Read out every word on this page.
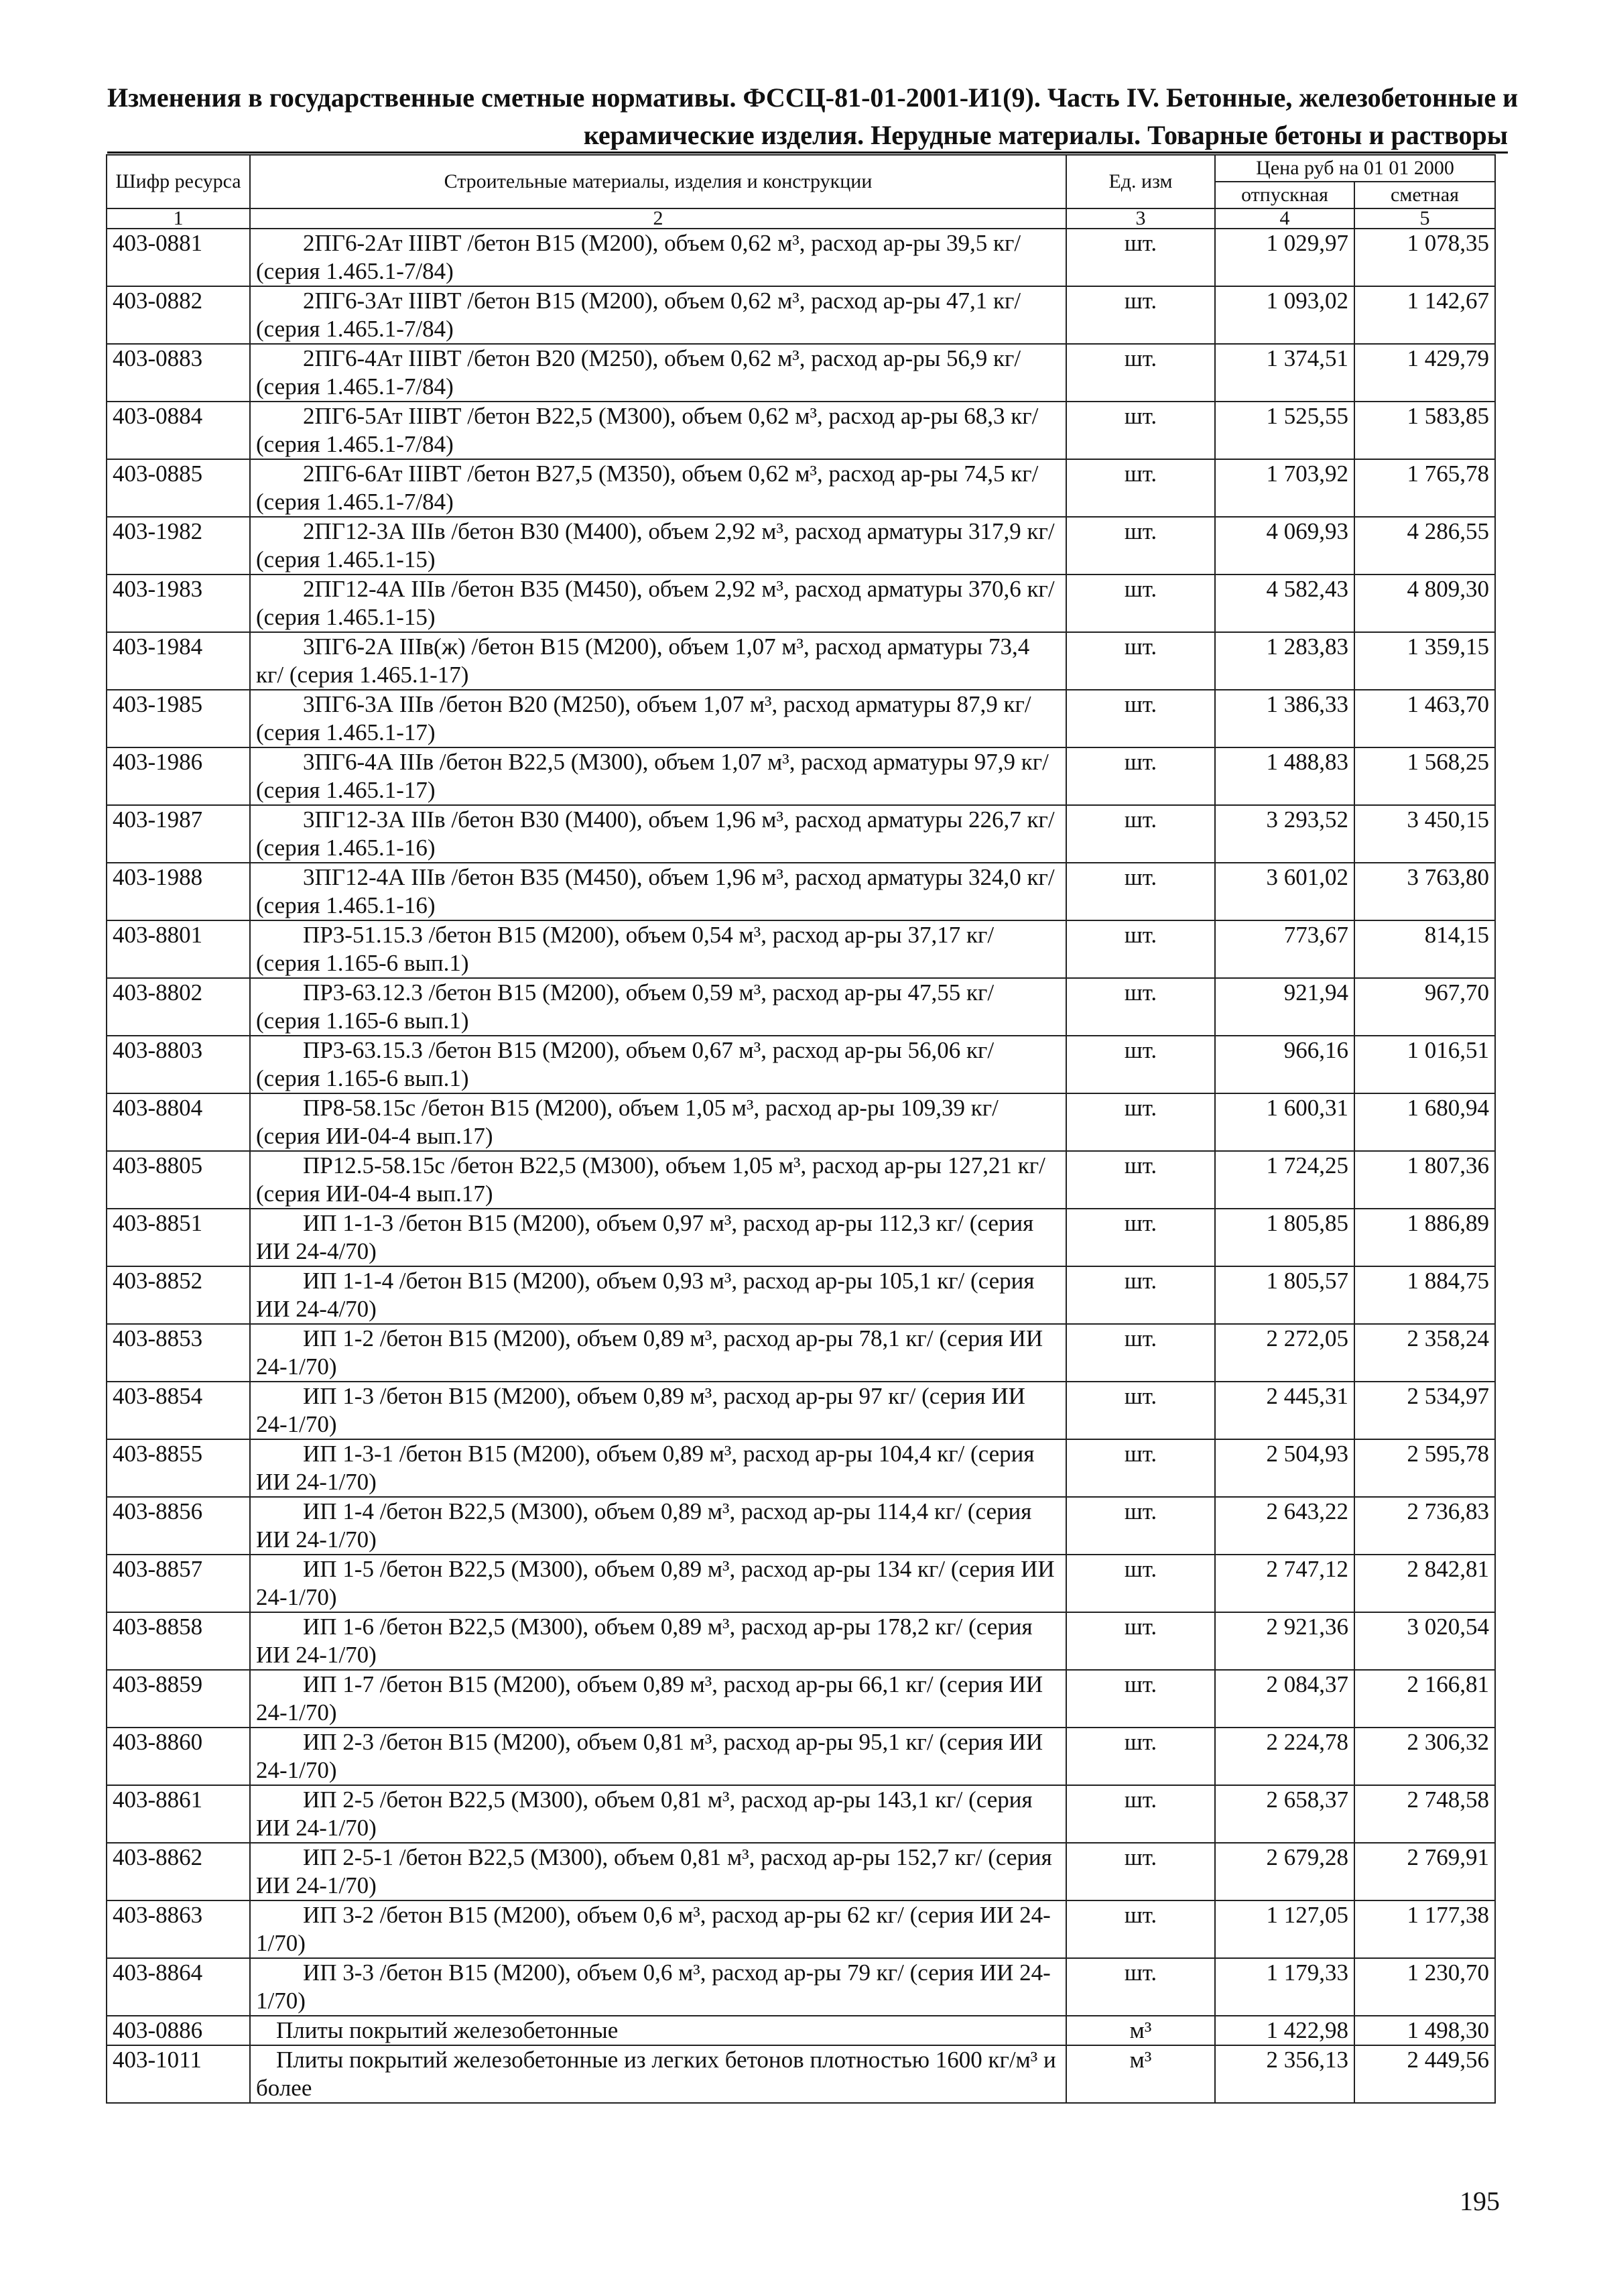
Изменения в государственные сметные нормативы. ФССЦ-81-01-2001-И1(9). Часть IV. Бетонные, железобетонные и
керамические изделия. Нерудные материалы. Товарные бетоны и растворы
Шифр ресурса	Строительные материалы, изделия и конструкции	Ед. изм	Цена руб на 01 01 2000	
			отпускная	сметная
1	2	3	4	5
403-0881	2ПГ6-2Ат IIIВТ /бетон В15 (М200), объем 0,62 м³, расход ар-ры 39,5 кг/ (серия 1.465.1-7/84)	шт.	1 029,97	1 078,35
403-0882	2ПГ6-3Ат IIIВТ /бетон В15 (М200), объем 0,62 м³, расход ар-ры 47,1 кг/ (серия 1.465.1-7/84)	шт.	1 093,02	1 142,67
403-0883	2ПГ6-4Ат IIIВТ /бетон В20 (М250), объем 0,62 м³, расход ар-ры 56,9 кг/ (серия 1.465.1-7/84)	шт.	1 374,51	1 429,79
403-0884	2ПГ6-5Ат IIIВТ /бетон В22,5 (М300), объем 0,62 м³, расход ар-ры 68,3 кг/ (серия 1.465.1-7/84)	шт.	1 525,55	1 583,85
403-0885	2ПГ6-6Ат IIIВТ /бетон В27,5 (М350), объем 0,62 м³, расход ар-ры 74,5 кг/ (серия 1.465.1-7/84)	шт.	1 703,92	1 765,78
403-1982	2ПГ12-3А IIIв /бетон В30 (М400), объем 2,92 м³, расход арматуры 317,9 кг/ (серия 1.465.1-15)	шт.	4 069,93	4 286,55
403-1983	2ПГ12-4А IIIв /бетон В35 (М450), объем 2,92 м³, расход арматуры 370,6 кг/ (серия 1.465.1-15)	шт.	4 582,43	4 809,30
403-1984	3ПГ6-2А IIIв(ж) /бетон В15 (М200), объем 1,07 м³, расход арматуры 73,4 кг/ (серия 1.465.1-17)	шт.	1 283,83	1 359,15
403-1985	3ПГ6-3А IIIв /бетон В20 (М250), объем 1,07 м³, расход арматуры 87,9 кг/ (серия 1.465.1-17)	шт.	1 386,33	1 463,70
403-1986	3ПГ6-4А IIIв /бетон В22,5 (М300), объем 1,07 м³, расход арматуры 97,9 кг/ (серия 1.465.1-17)	шт.	1 488,83	1 568,25
403-1987	3ПГ12-3А IIIв /бетон В30 (М400), объем 1,96 м³, расход арматуры 226,7 кг/ (серия 1.465.1-16)	шт.	3 293,52	3 450,15
403-1988	3ПГ12-4А IIIв /бетон В35 (М450), объем 1,96 м³, расход арматуры 324,0 кг/ (серия 1.465.1-16)	шт.	3 601,02	3 763,80
403-8801	ПР3-51.15.3 /бетон В15 (М200), объем 0,54 м³, расход ар-ры 37,17 кг/ (серия 1.165-6 вып.1)	шт.	773,67	814,15
403-8802	ПР3-63.12.3 /бетон В15 (М200), объем 0,59 м³, расход ар-ры 47,55 кг/ (серия 1.165-6 вып.1)	шт.	921,94	967,70
403-8803	ПР3-63.15.3 /бетон В15 (М200), объем 0,67 м³, расход ар-ры 56,06 кг/ (серия 1.165-6 вып.1)	шт.	966,16	1 016,51
403-8804	ПР8-58.15с /бетон В15 (М200), объем 1,05 м³, расход ар-ры 109,39 кг/ (серия ИИ-04-4 вып.17)	шт.	1 600,31	1 680,94
403-8805	ПР12.5-58.15с /бетон В22,5 (М300), объем 1,05 м³, расход ар-ры 127,21 кг/ (серия ИИ-04-4 вып.17)	шт.	1 724,25	1 807,36
403-8851	ИП 1-1-3 /бетон В15 (М200), объем 0,97 м³, расход ар-ры 112,3 кг/ (серия ИИ 24-4/70)	шт.	1 805,85	1 886,89
403-8852	ИП 1-1-4 /бетон В15 (М200), объем 0,93 м³, расход ар-ры 105,1 кг/ (серия ИИ 24-4/70)	шт.	1 805,57	1 884,75
403-8853	ИП 1-2 /бетон В15 (М200), объем 0,89 м³, расход ар-ры 78,1 кг/ (серия ИИ 24-1/70)	шт.	2 272,05	2 358,24
403-8854	ИП 1-3 /бетон В15 (М200), объем 0,89 м³, расход ар-ры 97 кг/ (серия ИИ 24-1/70)	шт.	2 445,31	2 534,97
403-8855	ИП 1-3-1 /бетон В15 (М200), объем 0,89 м³, расход ар-ры 104,4 кг/ (серия ИИ 24-1/70)	шт.	2 504,93	2 595,78
403-8856	ИП 1-4 /бетон В22,5 (М300), объем 0,89 м³, расход ар-ры 114,4 кг/ (серия ИИ 24-1/70)	шт.	2 643,22	2 736,83
403-8857	ИП 1-5 /бетон В22,5 (М300), объем 0,89 м³, расход ар-ры 134 кг/ (серия ИИ 24-1/70)	шт.	2 747,12	2 842,81
403-8858	ИП 1-6 /бетон В22,5 (М300), объем 0,89 м³, расход ар-ры 178,2 кг/ (серия ИИ 24-1/70)	шт.	2 921,36	3 020,54
403-8859	ИП 1-7 /бетон В15 (М200), объем 0,89 м³, расход ар-ры 66,1 кг/ (серия ИИ 24-1/70)	шт.	2 084,37	2 166,81
403-8860	ИП 2-3 /бетон В15 (М200), объем 0,81 м³, расход ар-ры 95,1 кг/ (серия ИИ 24-1/70)	шт.	2 224,78	2 306,32
403-8861	ИП 2-5 /бетон В22,5 (М300), объем 0,81 м³, расход ар-ры 143,1 кг/ (серия ИИ 24-1/70)	шт.	2 658,37	2 748,58
403-8862	ИП 2-5-1 /бетон В22,5 (М300), объем 0,81 м³, расход ар-ры 152,7 кг/ (серия ИИ 24-1/70)	шт.	2 679,28	2 769,91
403-8863	ИП 3-2 /бетон В15 (М200), объем 0,6 м³, расход ар-ры 62 кг/ (серия ИИ 24-1/70)	шт.	1 127,05	1 177,38
403-8864	ИП 3-3 /бетон В15 (М200), объем 0,6 м³, расход ар-ры 79 кг/ (серия ИИ 24-1/70)	шт.	1 179,33	1 230,70
403-0886	Плиты покрытий железобетонные	м³	1 422,98	1 498,30
403-1011	Плиты покрытий железобетонные из легких бетонов плотностью 1600 кг/м³ и более	м³	2 356,13	2 449,56
195
